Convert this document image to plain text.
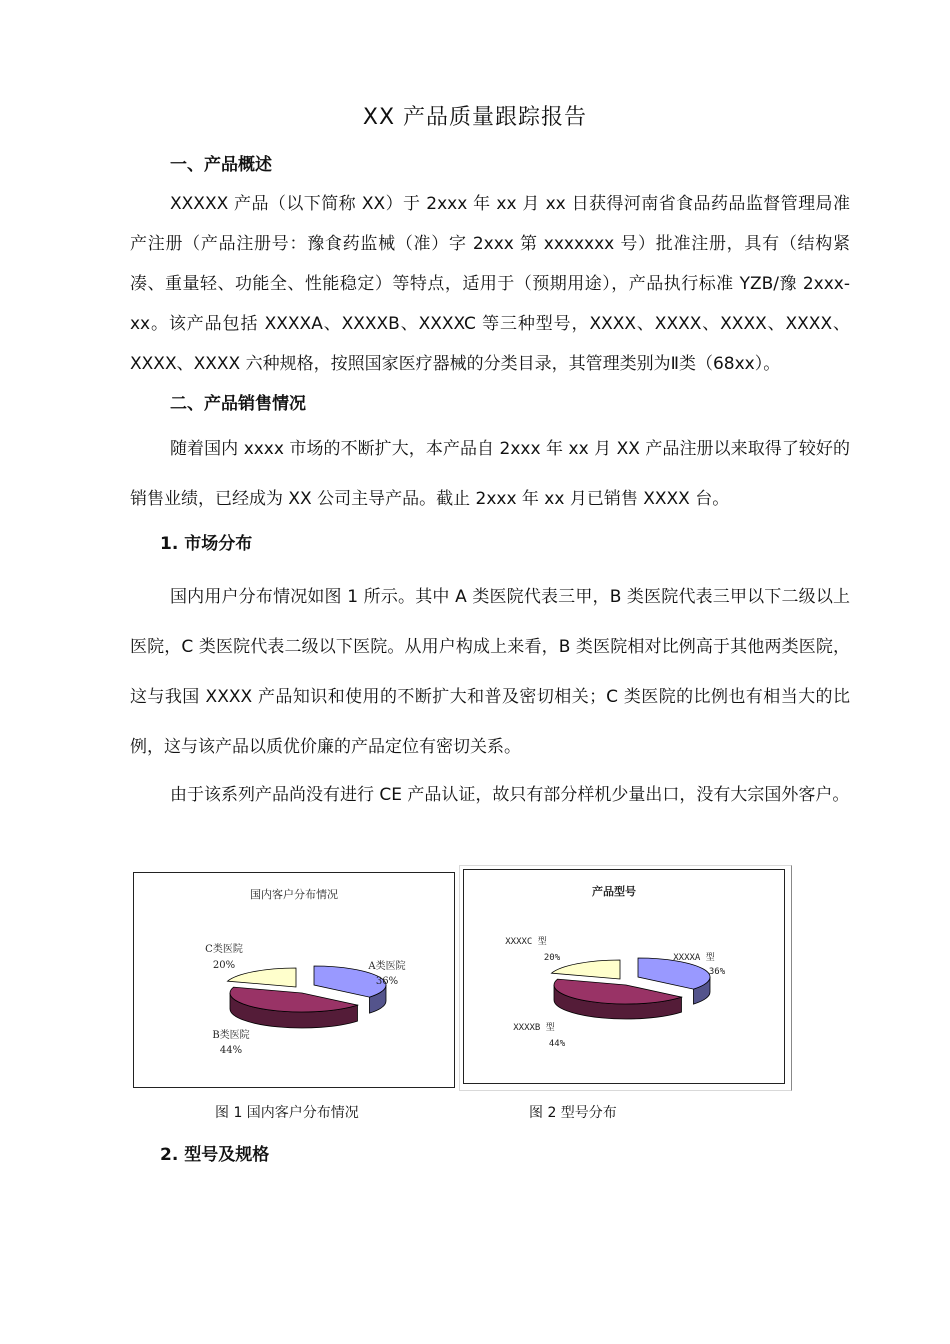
XX 产品质量跟踪报告
一、产品概述

XXXXX 产品（以下简称 XX）于 2xxx 年 xx 月 xx 日获得河南省食品药品监督管理局准产注册（产品注册号：豫食药监械（准）字 2xxx 第 xxxxxxx 号）批准注册，具有（结构紧凑、重量轻、功能全、性能稳定）等特点，适用于（预期用途），产品执行标准 YZB/豫 2xxx-xx。该产品包括 XXXXA、XXXXB、XXXXC 等三种型号，XXXX、XXXX、XXXX、XXXX、XXXX、XXXX 六种规格，按照国家医疗器械的分类目录，其管理类别为Ⅱ类（68xx）。

二、产品销售情况

随着国内 xxxx 市场的不断扩大，本产品自 2xxx 年 xx 月 XX 产品注册以来取得了较好的销售业绩，已经成为 XX 公司主导产品。截止 2xxx 年 xx 月已销售 XXXX 台。

1. 市场分布

国内用户分布情况如图 1 所示。其中 A 类医院代表三甲，B 类医院代表三甲以下二级以上医院，C 类医院代表二级以下医院。从用户构成上来看，B 类医院相对比例高于其他两类医院，这与我国 XXXX 产品知识和使用的不断扩大和普及密切相关；C 类医院的比例也有相当大的比例，这与该产品以质优价廉的产品定位有密切关系。

由于该系列产品尚没有进行 CE 产品认证，故只有部分样机少量出口，没有大宗国外客户。

国内客户分布情况
C类医院
20%	A类医院
36%
B类医院
44%
产品型号
XXXXC 型
20%	XXXXA 型
36%
XXXXB 型
44%
图 1 国内客户分布情况	图 2 型号分布
2. 型号及规格
